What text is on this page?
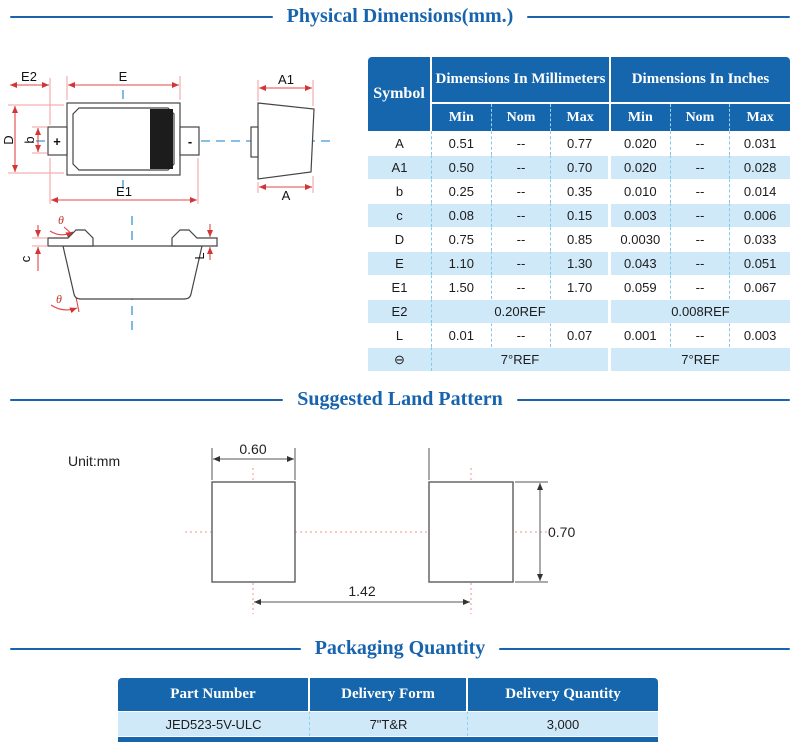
Physical Dimensions(mm.)
E2	E
D b +	-
E1
A1
A
θ
θ
c	L
Symbol	Dimensions In Millimeters			Dimensions In Inches		
	Min	Nom	Max	Min	Nom	Max
A	0.51	--	0.77	0.020	--	0.031
A1	0.50	--	0.70	0.020	--	0.028
b	0.25	--	0.35	0.010	--	0.014
c	0.08	--	0.15	0.003	--	0.006
D	0.75	--	0.85	0.0030	--	0.033
E	1.10	--	1.30	0.043	--	0.051
E1	1.50	--	1.70	0.059	--	0.067
E2	0.20REF			0.008REF		
L	0.01	--	0.07	0.001	--	0.003
⊖	7°REF			7°REF		
Suggested Land Pattern
Unit:mm
0.60
0.70
1.42
Packaging Quantity
Part Number	Delivery Form	Delivery Quantity
JED523-5V-ULC	7"T&R	3,000
